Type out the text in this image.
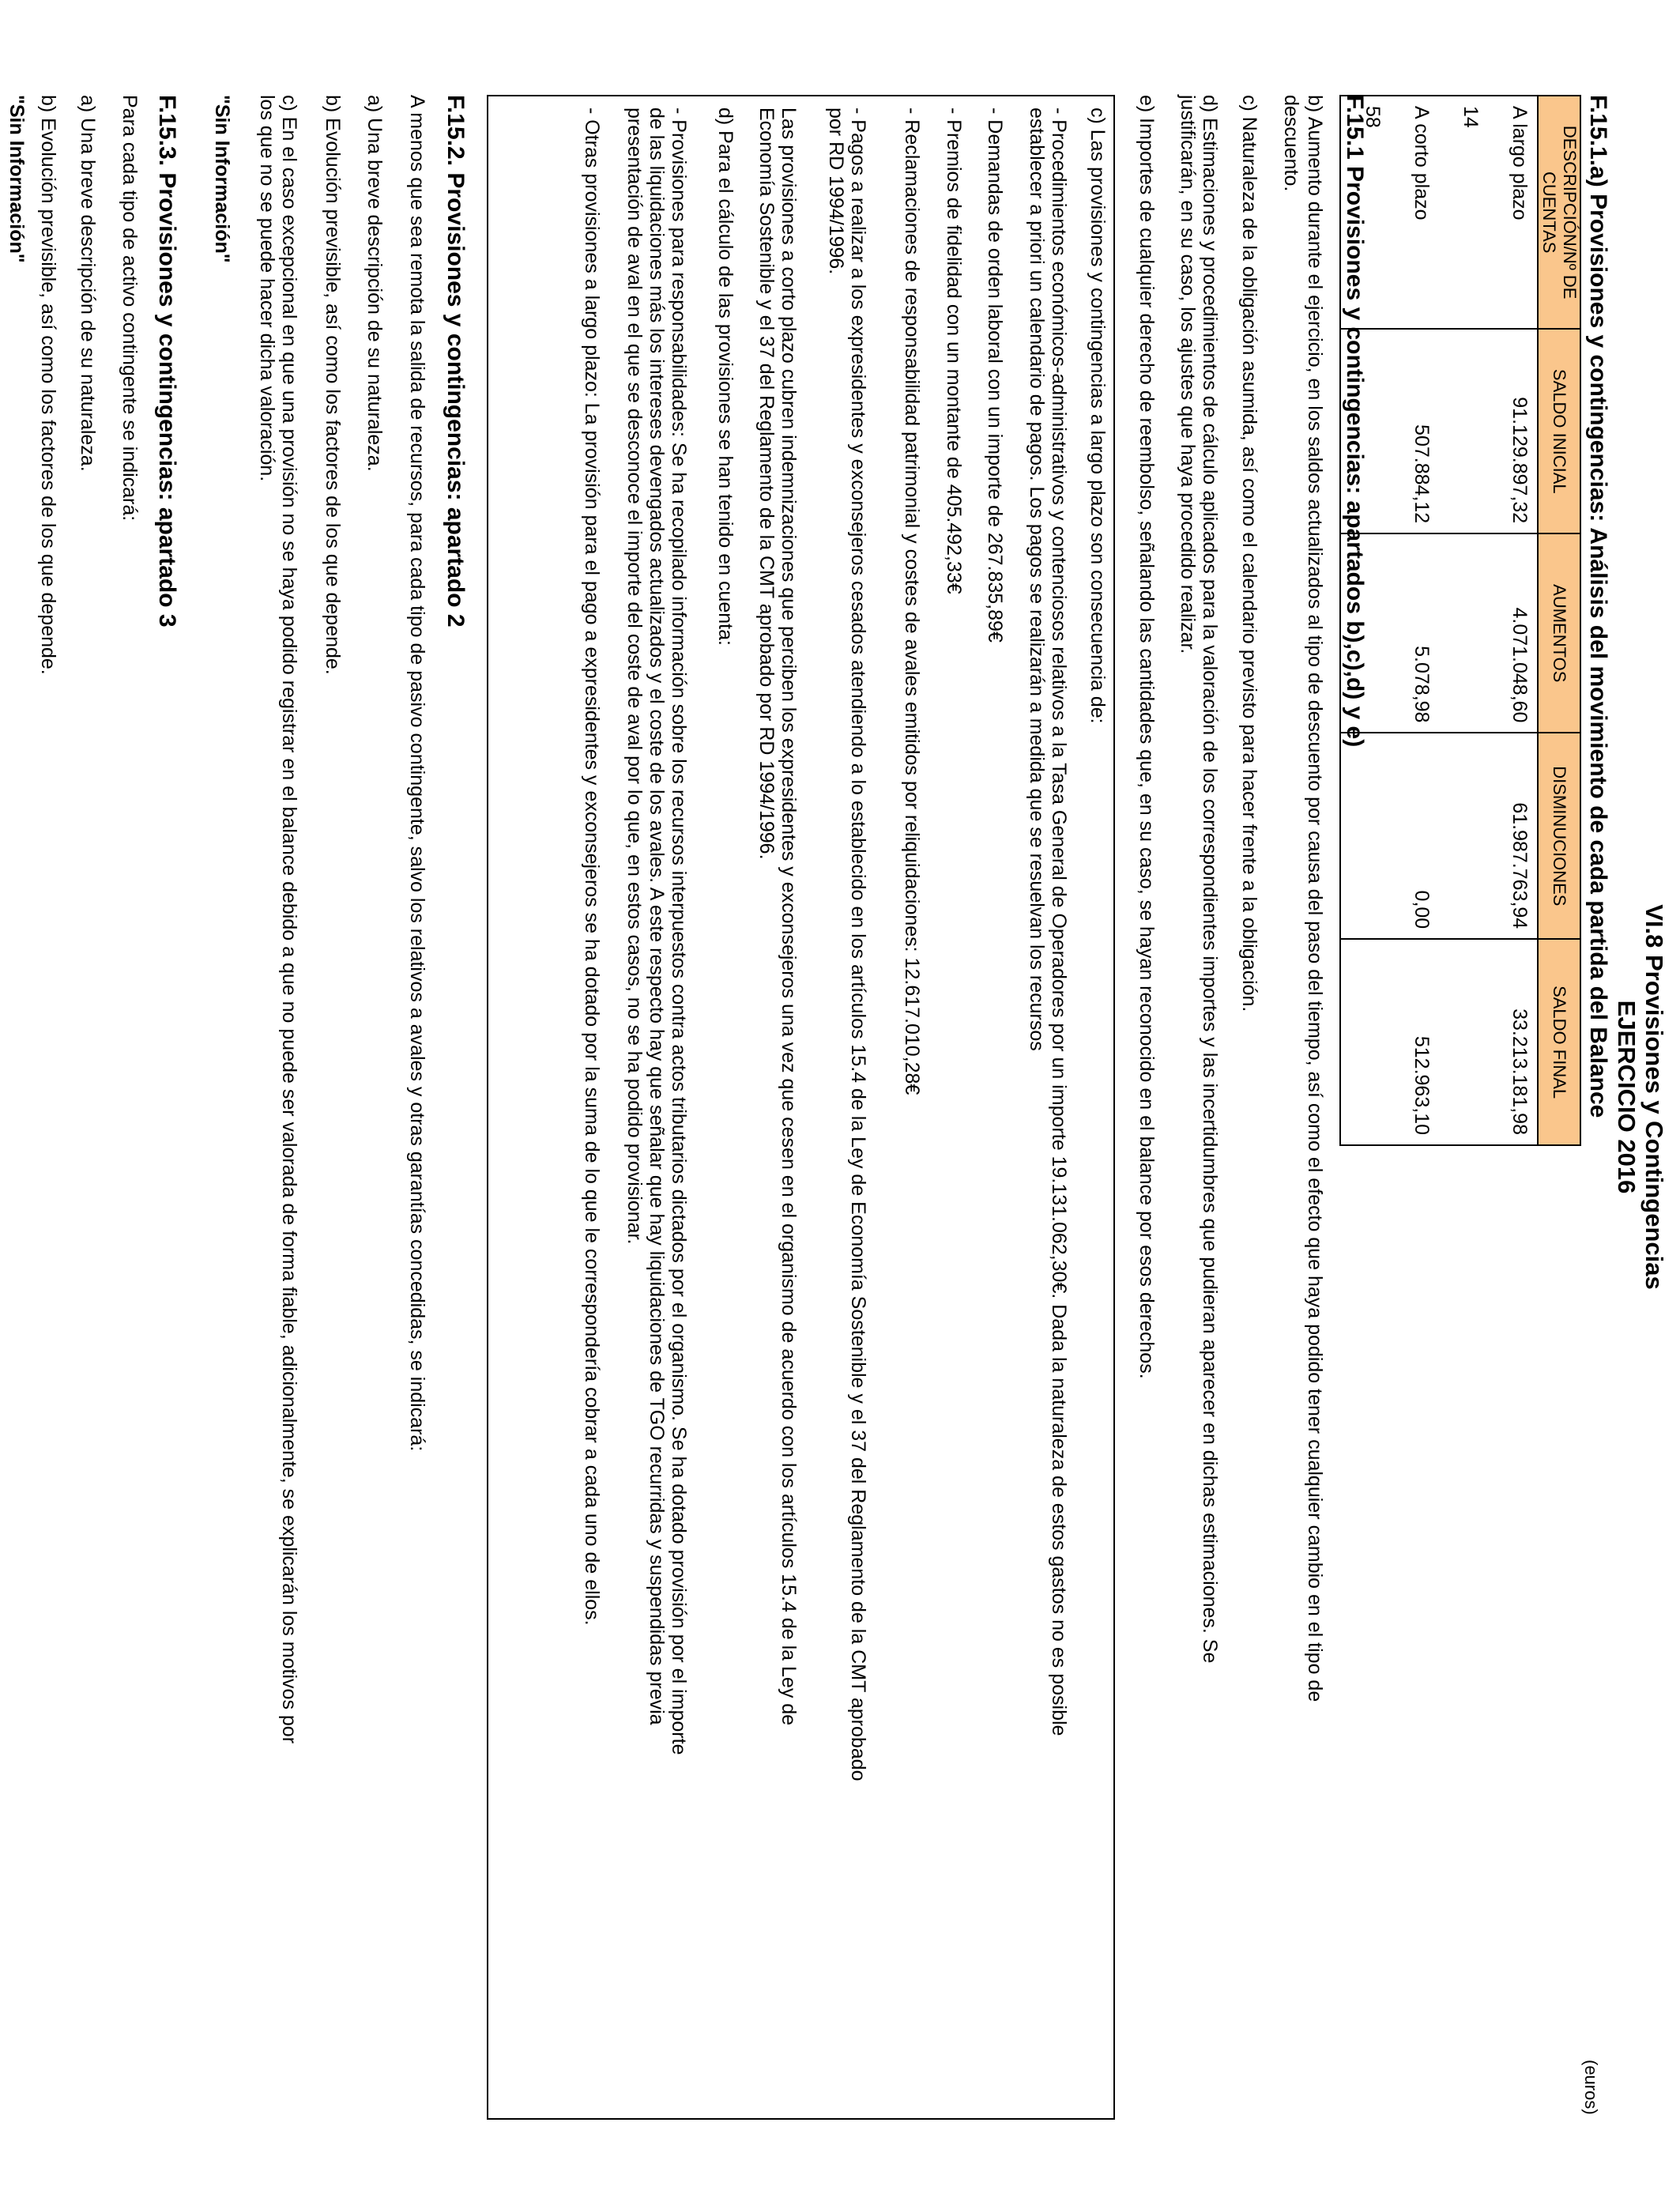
VI.8 Provisiones y Contingencias
EJERCICIO 2016
F.15.1.a) Provisiones y contingencias: Análisis del movimiento de cada partida del Balance
(euros)
DESCRIPCIÓN/Nº DE CUENTAS	SALDO INICIAL	AUMENTOS	DISMINUCIONES	SALDO FINAL
A largo plazo	91.129.897,32	4.071.048,60	61.987.763,94	33.213.181,98
14				
A corto plazo	507.884,12	5.078,98	0,00	512.963,10
58				
F.15.1 Provisiones y contingencias: apartados b),c),d) y e)
b) Aumento durante el ejercicio, en los saldos actualizados al tipo de descuento por causa del paso del tiempo, así como el efecto que haya podido tener cualquier cambio en el tipo de
descuento.
c) Naturaleza de la obligación asumida, así como el calendario previsto para hacer frente a la obligación.
d) Estimaciones y procedimientos de cálculo aplicados para la valoración de los correspondientes importes y las incertidumbres que pudieran aparecer en dichas estimaciones. Se
justificarán, en su caso, los ajustes que haya procedido realizar.
e) Importes de cualquier derecho de reembolso, señalando las cantidades que, en su caso, se hayan reconocido en el balance por esos derechos.
c) Las provisiones y contingencias a largo plazo son consecuencia de:
- Procedimientos económicos-administrativos y contenciosos relativos a la Tasa General de Operadores por un importe 19.131.062,30€. Dada la naturaleza de estos gastos no es posible
establecer a priori un calendario de pagos. Los pagos se realizarán a medida que se resuelvan los recursos
- Demandas de orden laboral con un importe de 267.835,89€
- Premios de fidelidad con un montante de 405.492,33€
- Reclamaciones de responsabilidad patrimonial y costes de avales emitidos por reliquidaciones: 12.617.010,28€
- Pagos a realizar a los expresidentes y exconsejeros cesados atendiendo a lo establecido en los artículos 15.4 de la Ley de Economía Sostenible y el 37 del Reglamento de la CMT aprobado
por RD 1994/1996.
Las provisiones a corto plazo cubren indemnizaciones que perciben los expresidentes y exconsejeros una vez que cesen en el organismo de acuerdo con los artículos 15.4 de la Ley de
Economía Sostenible y el 37 del Reglamento de la CMT aprobado por RD 1994/1996.
d) Para el cálculo de las provisiones se han tenido en cuenta:
- Provisiones para responsabilidades: Se ha recopilado información sobre los recursos interpuestos contra actos tributarios dictados por el organismo. Se ha dotado provisión por el importe
de las liquidaciones más los intereses devengados actualizados y el coste de los avales. A este respecto hay que señalar que hay liquidaciones de TGO recurridas y suspendidas previa
presentación de aval en el que se desconoce el importe del coste de aval por lo que, en estos casos, no se ha podido provisionar.
- Otras provisiones a largo plazo: La provisión para el pago a expresidentes y exconsejeros se ha dotado por la suma de lo que le correspondería cobrar a cada uno de ellos.
F.15.2. Provisiones y contingencias: apartado 2
A menos que sea remota la salida de recursos, para cada tipo de pasivo contingente, salvo los relativos a avales y otras garantías concedidas, se indicará:
a) Una breve descripción de su naturaleza.
b) Evolución previsible, así como los factores de los que depende.
c) En el caso excepcional en que una provisión no se haya podido registrar en el balance debido a que no puede ser valorada de forma fiable, adicionalmente, se explicarán los motivos por
los que no se puede hacer dicha valoración.
"Sin Información"
F.15.3. Provisiones y contingencias: apartado 3
Para cada tipo de activo contingente se indicará:
a) Una breve descripción de su naturaleza.
b) Evolución previsible, así como los factores de los que depende.
"Sin Información"
